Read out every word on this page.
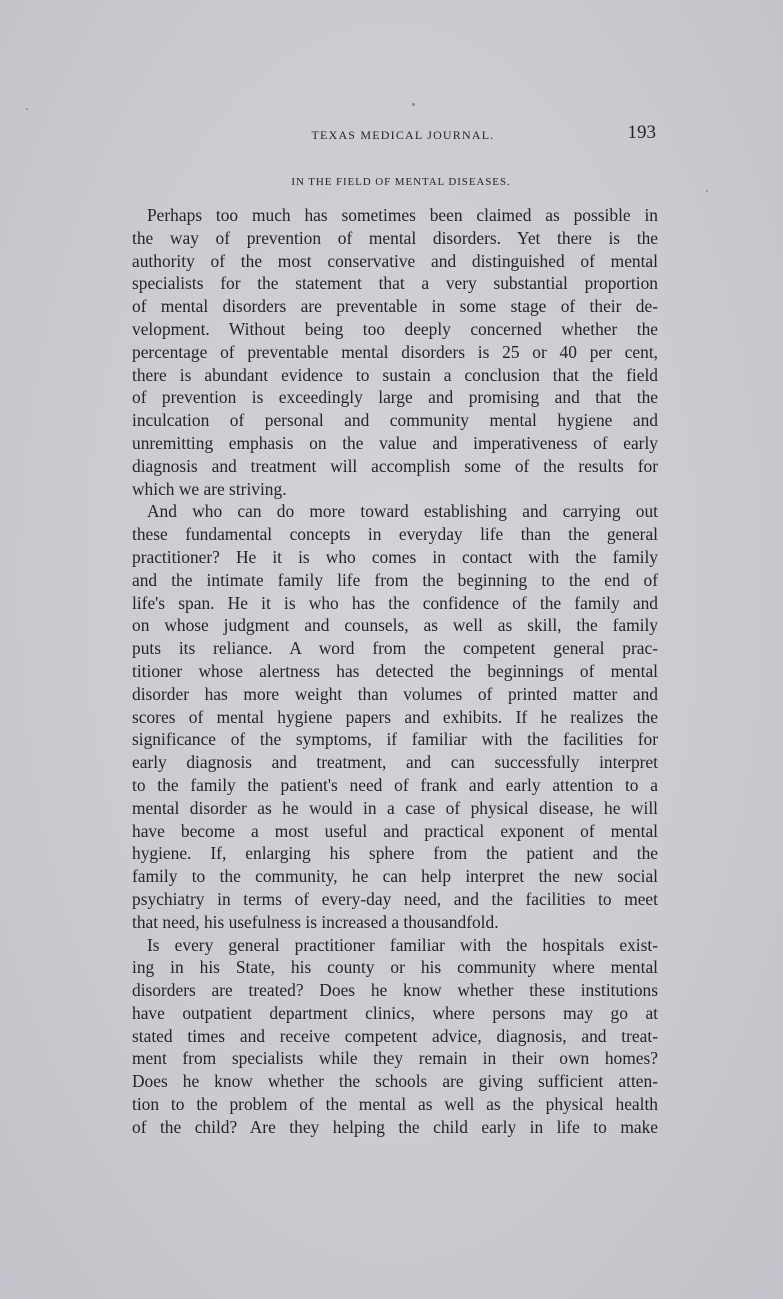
TEXAS MEDICAL JOURNAL.	193
IN THE FIELD OF MENTAL DISEASES.

Perhaps too much has sometimes been claimed as possible in
the way of prevention of mental disorders. Yet there is the
authority of the most conservative and distinguished of mental
specialists for the statement that a very substantial proportion
of mental disorders are preventable in some stage of their de-
velopment. Without being too deeply concerned whether the
percentage of preventable mental disorders is 25 or 40 per cent,
there is abundant evidence to sustain a conclusion that the field
of prevention is exceedingly large and promising and that the
inculcation of personal and community mental hygiene and
unremitting emphasis on the value and imperativeness of early
diagnosis and treatment will accomplish some of the results for
which we are striving.

And who can do more toward establishing and carrying out
these fundamental concepts in everyday life than the general
practitioner? He it is who comes in contact with the family
and the intimate family life from the beginning to the end of
life's span. He it is who has the confidence of the family and
on whose judgment and counsels, as well as skill, the family
puts its reliance. A word from the competent general prac-
titioner whose alertness has detected the beginnings of mental
disorder has more weight than volumes of printed matter and
scores of mental hygiene papers and exhibits. If he realizes the
significance of the symptoms, if familiar with the facilities for
early diagnosis and treatment, and can successfully interpret
to the family the patient's need of frank and early attention to a
mental disorder as he would in a case of physical disease, he will
have become a most useful and practical exponent of mental
hygiene. If, enlarging his sphere from the patient and the
family to the community, he can help interpret the new social
psychiatry in terms of every-day need, and the facilities to meet
that need, his usefulness is increased a thousandfold.

Is every general practitioner familiar with the hospitals exist-
ing in his State, his county or his community where mental
disorders are treated? Does he know whether these institutions
have outpatient department clinics, where persons may go at
stated times and receive competent advice, diagnosis, and treat-
ment from specialists while they remain in their own homes?
Does he know whether the schools are giving sufficient atten-
tion to the problem of the mental as well as the physical health
of the child? Are they helping the child early in life to make
